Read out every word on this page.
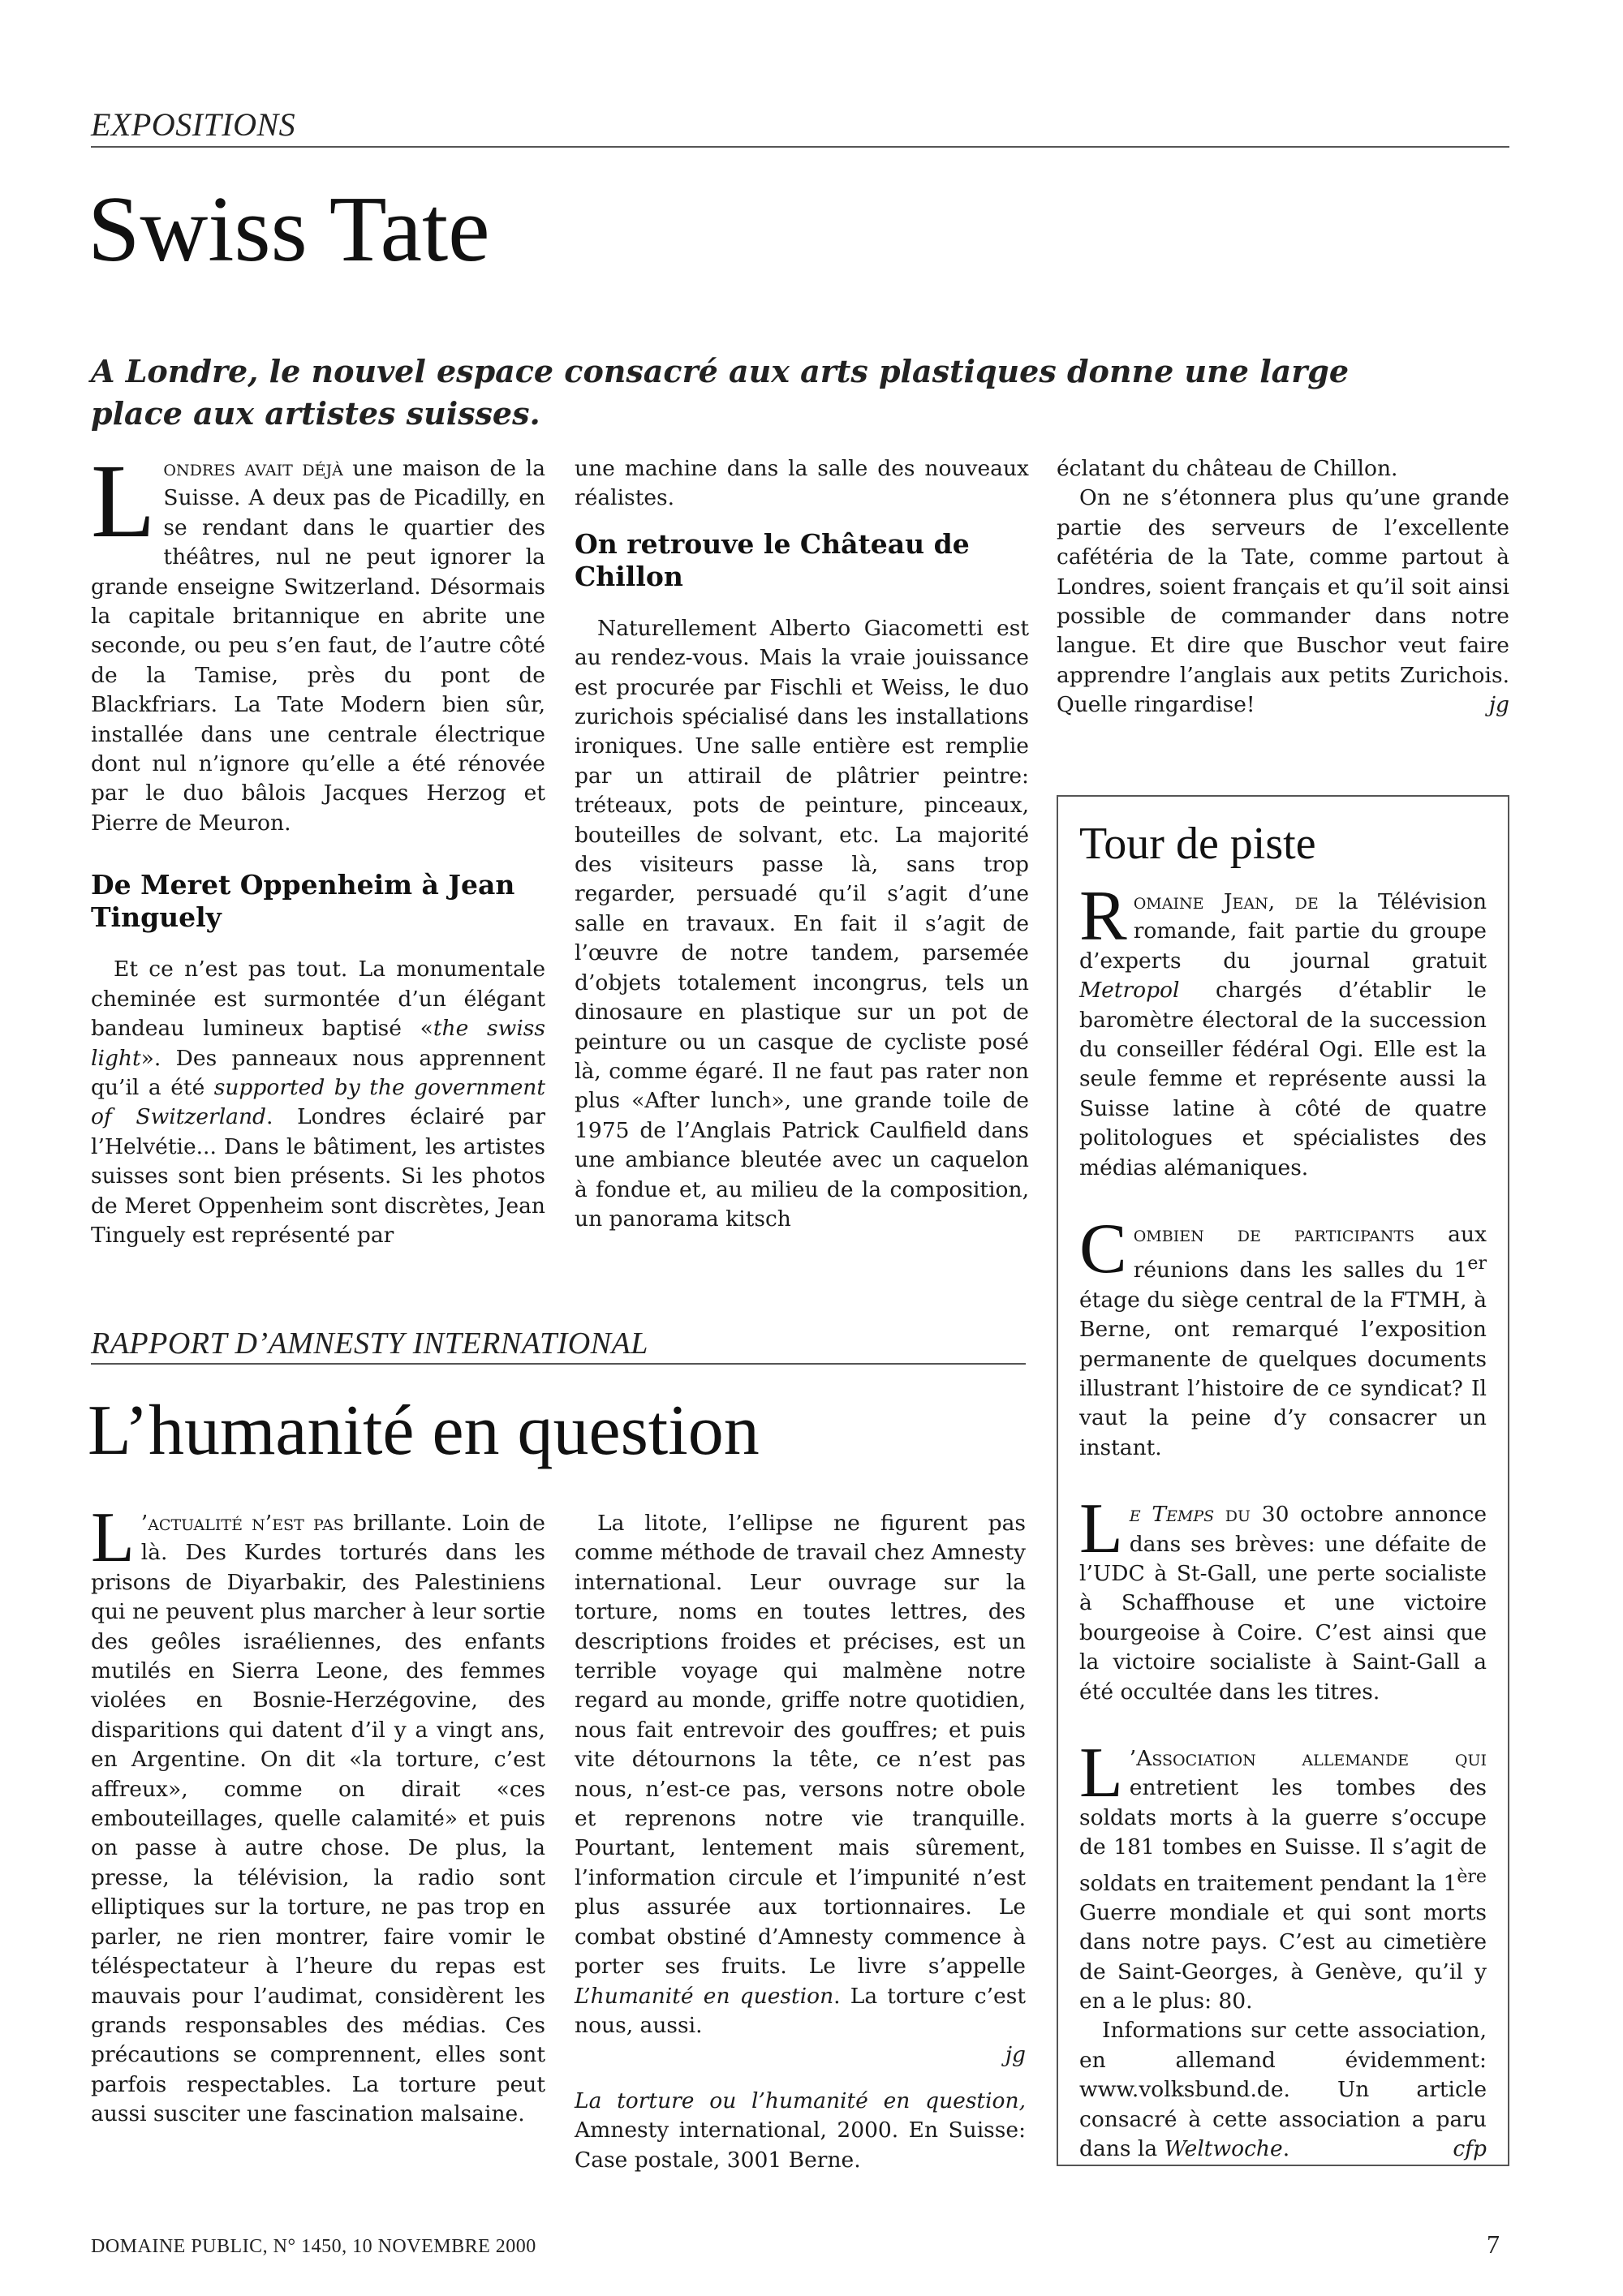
EXPOSITIONS
Swiss Tate
A Londre, le nouvel espace consacré aux arts plastiques donne une large place aux artistes suisses.

Londres avait déjà une maison de la Suisse. A deux pas de Picadilly, en se rendant dans le quartier des théâtres, nul ne peut ignorer la grande enseigne Switzerland. Désormais la capitale britannique en abrite une seconde, ou peu s’en faut, de l’autre côté de la Tamise, près du pont de Blackfriars. La Tate Modern bien sûr, installée dans une centrale électrique dont nul n’ignore qu’elle a été rénovée par le duo bâlois Jacques Herzog et Pierre de Meuron.

De Meret Oppenheim à Jean Tinguely

Et ce n’est pas tout. La monumentale cheminée est surmontée d’un élégant bandeau lumineux baptisé «the swiss light». Des panneaux nous apprennent qu’il a été supported by the government of Switzerland. Londres éclairé par l’Helvétie... Dans le bâtiment, les artistes suisses sont bien présents. Si les photos de Meret Oppenheim sont discrètes, Jean Tinguely est représenté par

une machine dans la salle des nouveaux réalistes.

On retrouve le Château de Chillon

Naturellement Alberto Giacometti est au rendez-vous. Mais la vraie jouissance est procurée par Fischli et Weiss, le duo zurichois spécialisé dans les installations ironiques. Une salle entière est remplie par un attirail de plâtrier peintre: tréteaux, pots de peinture, pinceaux, bouteilles de solvant, etc. La majorité des visiteurs passe là, sans trop regarder, persuadé qu’il s’agit d’une salle en travaux. En fait il s’agit de l’œuvre de notre tandem, parsemée d’objets totalement incongrus, tels un dinosaure en plastique sur un pot de peinture ou un casque de cycliste posé là, comme égaré. Il ne faut pas rater non plus «After lunch», une grande toile de 1975 de l’Anglais Patrick Caulfield dans une ambiance bleutée avec un caquelon à fondue et, au milieu de la composition, un panorama kitsch

éclatant du château de Chillon.

On ne s’étonnera plus qu’une grande partie des serveurs de l’excellente cafétéria de la Tate, comme partout à Londres, soient français et qu’il soit ainsi possible de commander dans notre langue. Et dire que Buschor veut faire apprendre l’anglais aux petits Zurichois. Quelle ringardise!	jg

RAPPORT D’AMNESTY INTERNATIONAL
L’humanité en question

L ’actualité n’est pas brillante. Loin de là. Des Kurdes torturés dans les prisons de Diyarbakir, des Palestiniens qui ne peuvent plus marcher à leur sortie des geôles israéliennes, des enfants mutilés en Sierra Leone, des femmes violées en Bosnie-Herzégovine, des disparitions qui datent d’il y a vingt ans, en Argentine. On dit «la torture, c’est affreux», comme on dirait «ces embouteillages, quelle calamité» et puis on passe à autre chose. De plus, la presse, la télévision, la radio sont elliptiques sur la torture, ne pas trop en parler, ne rien montrer, faire vomir le téléspectateur à l’heure du repas est mauvais pour l’audimat, considèrent les grands responsables des médias. Ces précautions se comprennent, elles sont parfois respectables. La torture peut aussi susciter une fascination malsaine.

La litote, l’ellipse ne figurent pas comme méthode de travail chez Amnesty international. Leur ouvrage sur la torture, noms en toutes lettres, des descriptions froides et précises, est un terrible voyage qui malmène notre regard au monde, griffe notre quotidien, nous fait entrevoir des gouffres; et puis vite détournons la tête, ce n’est pas nous, n’est-ce pas, versons notre obole et reprenons notre vie tranquille. Pourtant, lentement mais sûrement, l’information circule et l’impunité n’est plus assurée aux tortionnaires. Le combat obstiné d’Amnesty commence à porter ses fruits. Le livre s’appelle L’humanité en question. La torture c’est nous, aussi.

jg

La torture ou l’humanité en question, Amnesty international, 2000. En Suisse: Case postale, 3001 Berne.

Tour de piste

Romaine Jean, de la Télévision romande, fait partie du groupe d’experts du journal gratuit Metropol chargés d’établir le baromètre électoral de la succession du conseiller fédéral Ogi. Elle est la seule femme et représente aussi la Suisse latine à côté de quatre politologues et spécialistes des médias alémaniques.

Combien de participants aux réunions dans les salles du 1er étage du siège central de la FTMH, à Berne, ont remarqué l’exposition permanente de quelques documents illustrant l’histoire de ce syndicat? Il vaut la peine d’y consacrer un instant.

Le Temps du 30 octobre annonce dans ses brèves: une défaite de l’UDC à St-Gall, une perte socialiste à Schaffhouse et une victoire bourgeoise à Coire. C’est ainsi que la victoire socialiste à Saint-Gall a été occultée dans les titres.

L ’Association allemande qui entretient les tombes des soldats morts à la guerre s’occupe de 181 tombes en Suisse. Il s’agit de soldats en traitement pendant la 1ère Guerre mondiale et qui sont morts dans notre pays. C’est au cimetière de Saint-Georges, à Genève, qu’il y en a le plus: 80.

Informations sur cette association, en allemand évidemment: www.volksbund.de. Un article consacré à cette association a paru dans la Weltwoche.	cfp

DOMAINE PUBLIC, N° 1450, 10 NOVEMBRE 2000	7
